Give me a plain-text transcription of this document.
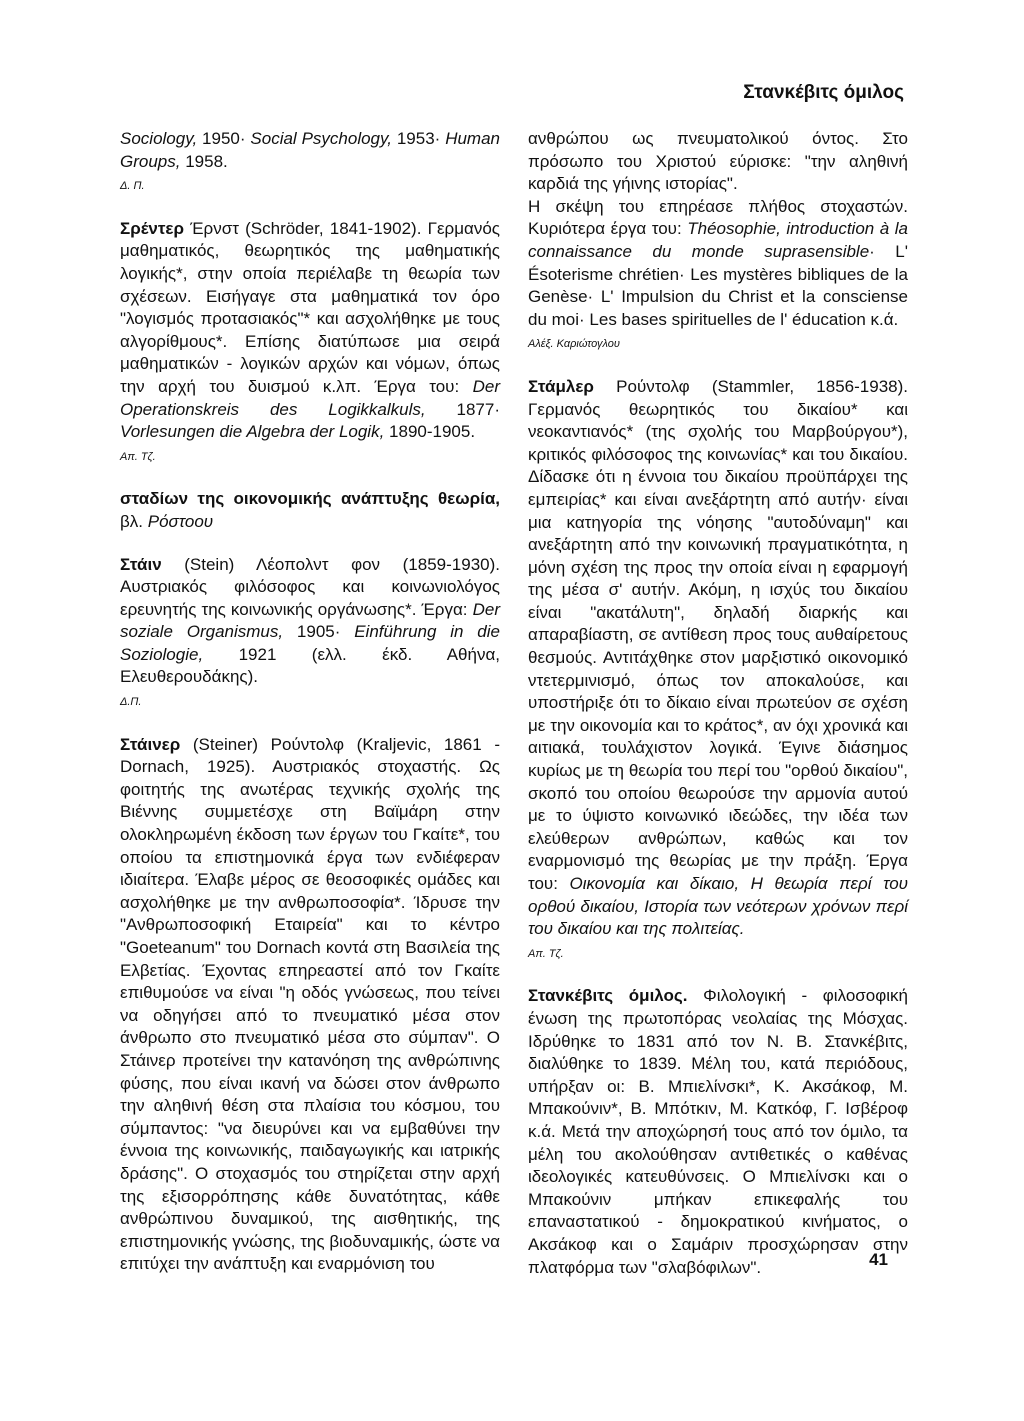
Στανκέβιτς όμιλος

Sociology, 1950· Social Psychology, 1953· Human Groups, 1958.
Δ. Π.

Σρέντερ Έρνστ (Schröder, 1841-1902). Γερμανός μαθηματικός, θεωρητικός της μαθηματικής λογικής*, στην οποία περιέλαβε τη θεωρία των σχέσεων. Εισήγαγε στα μαθηματικά τον όρο "λογισμός προτασιακός"* και ασχολήθηκε με τους αλγορίθμους*. Επίσης διατύπωσε μια σειρά μαθηματικών - λογικών αρχών και νόμων, όπως την αρχή του δυισμού κ.λπ. Έργα του: Der Operationskreis des Logikkalkuls, 1877· Vorlesungen die Algebra der Logik, 1890-1905.
Απ. Τζ.

σταδίων της οικονομικής ανάπτυξης θεωρία, βλ. Ρόστοου

Στάιν (Stein) Λέοπολντ φον (1859-1930). Αυστριακός φιλόσοφος και κοινωνιολόγος ερευνητής της κοινωνικής οργάνωσης*. Έργα: Der soziale Organismus, 1905· Einführung in die Soziologie, 1921 (ελλ. έκδ. Αθήνα, Ελευθερουδάκης).
Δ.Π.

Στάινερ (Steiner) Ρούντολφ (Kraljevic, 1861 - Dornach, 1925). Αυστριακός στοχαστής. Ως φοιτητής της ανωτέρας τεχνικής σχολής της Βιέννης συμμετέσχε στη Βαϊμάρη στην ολοκληρωμένη έκδοση των έργων του Γκαίτε*, του οποίου τα επιστημονικά έργα των ενδιέφεραν ιδιαίτερα. Έλαβε μέρος σε θεοσοφικές ομάδες και ασχολήθηκε με την ανθρωποσοφία*. Ίδρυσε την "Ανθρωποσοφική Εταιρεία" και το κέντρο "Goeteanum" του Dornach κοντά στη Βασιλεία της Ελβετίας. Έχοντας επηρεαστεί από τον Γκαίτε επιθυμούσε να είναι "η οδός γνώσεως, που τείνει να οδηγήσει από το πνευματικό μέσα στον άνθρωπο στο πνευματικό μέσα στο σύμπαν". Ο Στάινερ προτείνει την κατανόηση της ανθρώπινης φύσης, που είναι ικανή να δώσει στον άνθρωπο την αληθινή θέση στα πλαίσια του κόσμου, του σύμπαντος: "να διευρύνει και να εμβαθύνει την έννοια της κοινωνικής, παιδαγωγικής και ιατρικής δράσης". Ο στοχασμός του στηρίζεται στην αρχή της εξισορρόπησης κάθε δυνατότητας, κάθε ανθρώπινου δυναμικού, της αισθητικής, της επιστημονικής γνώσης, της βιοδυναμικής, ώστε να επιτύχει την ανάπτυξη και εναρμόνιση του

ανθρώπου ως πνευματολικού όντος. Στο πρόσωπο του Χριστού εύρισκε: "την αληθινή καρδιά της γήινης ιστορίας".

Η σκέψη του επηρέασε πλήθος στοχαστών. Κυριότερα έργα του: Théosophie, introduction à la connaissance du monde suprasensible· L' Ésoterisme chrétien· Les mystères bibliques de la Genèse· L' Impulsion du Christ et la consciense du moi· Les bases spirituelles de l' éducation κ.ά.
Αλέξ. Καριώτογλου

Στάμλερ Ρούντολφ (Stammler, 1856-1938). Γερμανός θεωρητικός του δικαίου* και νεοκαντιανός* (της σχολής του Μαρβούργου*), κριτικός φιλόσοφος της κοινωνίας* και του δικαίου. Δίδασκε ότι η έννοια του δικαίου προϋπάρχει της εμπειρίας* και είναι ανεξάρτητη από αυτήν· είναι μια κατηγορία της νόησης "αυτοδύναμη" και ανεξάρτητη από την κοινωνική πραγματικότητα, η μόνη σχέση της προς την οποία είναι η εφαρμογή της μέσα σ' αυτήν. Ακόμη, η ισχύς του δικαίου είναι "ακατάλυτη", δηλαδή διαρκής και απαραβίαστη, σε αντίθεση προς τους αυθαίρετους θεσμούς. Αντιτάχθηκε στον μαρξιστικό οικονομικό ντετερμινισμό, όπως τον αποκαλούσε, και υποστήριξε ότι το δίκαιο είναι πρωτεύον σε σχέση με την οικονομία και το κράτος*, αν όχι χρονικά και αιτιακά, τουλάχιστον λογικά. Έγινε διάσημος κυρίως με τη θεωρία του περί του "ορθού δικαίου", σκοπό του οποίου θεωρούσε την αρμονία αυτού με το ύψιστο κοινωνικό ιδεώδες, την ιδέα των ελεύθερων ανθρώπων, καθώς και τον εναρμονισμό της θεωρίας με την πράξη. Έργα του: Οικονομία και δίκαιο, Η θεωρία περί του ορθού δικαίου, Ιστορία των νεότερων χρόνων περί του δικαίου και της πολιτείας.
Απ. Τζ.

Στανκέβιτς όμιλος. Φιλολογική - φιλοσοφική ένωση της πρωτοπόρας νεολαίας της Μόσχας. Ιδρύθηκε το 1831 από τον Ν. Β. Στανκέβιτς, διαλύθηκε το 1839. Μέλη του, κατά περιόδους, υπήρξαν οι: Β. Μπιελίνσκι*, Κ. Ακσάκοφ, Μ. Μπακούνιν*, Β. Μπότκιν, Μ. Κατκόφ, Γ. Ισβέροφ κ.ά. Μετά την αποχώρησή τους από τον όμιλο, τα μέλη του ακολούθησαν αντιθετικές ο καθένας ιδεολογικές κατευθύνσεις. Ο Μπιελίνσκι και ο Μπακούνιν μπήκαν επικεφαλής του επαναστατικού - δημοκρατικού κινήματος, ο Ακσάκοφ και ο Σαμάριν προσχώρησαν στην πλατφόρμα των "σλαβόφιλων".	41
